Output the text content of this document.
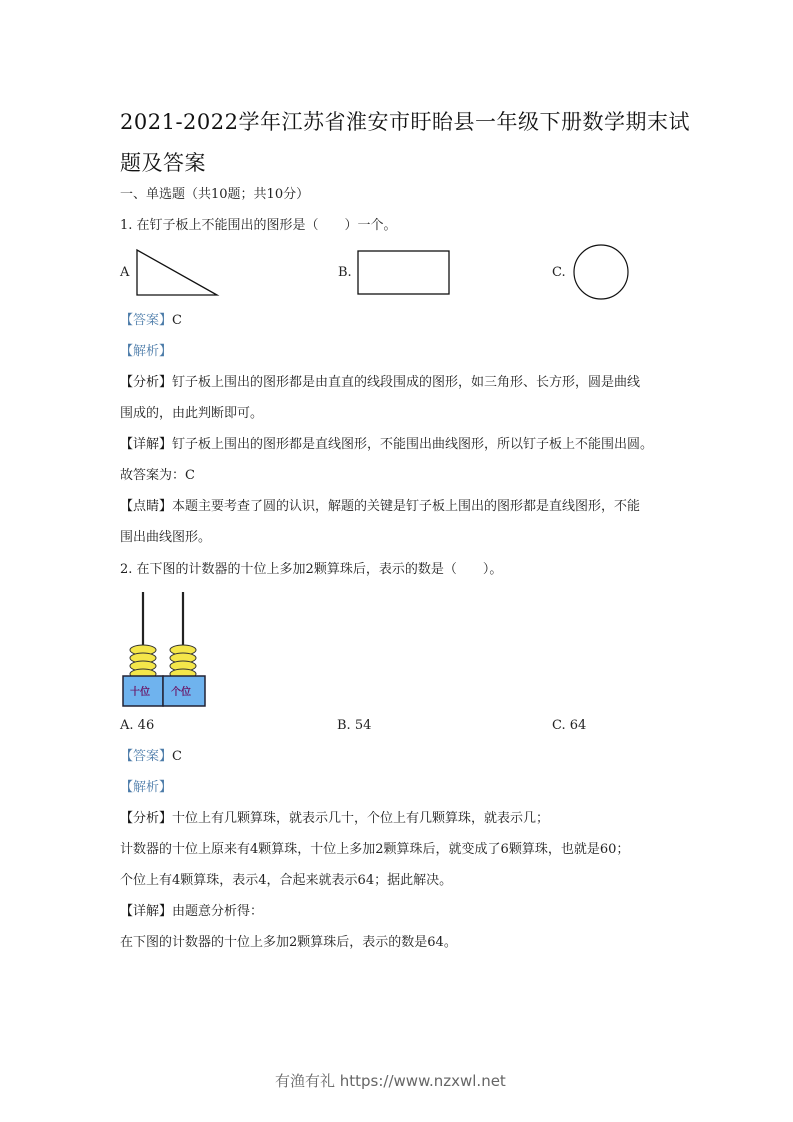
2021-2022学年江苏省淮安市盱眙县一年级下册数学期末试
题及答案
一、单选题（共10题；共10分）
1. 在钉子板上不能围出的图形是（　　）一个。
A	B.	C.
【答案】C
【解析】
【分析】钉子板上围出的图形都是由直直的线段围成的图形，如三角形、长方形，圆是曲线
围成的，由此判断即可。
【详解】钉子板上围出的图形都是直线图形，不能围出曲线图形，所以钉子板上不能围出圆。
故答案为：C
【点睛】本题主要考查了圆的认识，解题的关键是钉子板上围出的图形都是直线图形，不能
围出曲线图形。
2. 在下图的计数器的十位上多加2颗算珠后，表示的数是（　　）。
十位 个位
A. 46	B. 54	C. 64
【答案】C
【解析】
【分析】十位上有几颗算珠，就表示几十，个位上有几颗算珠，就表示几；
计数器的十位上原来有4颗算珠，十位上多加2颗算珠后，就变成了6颗算珠，也就是60；
个位上有4颗算珠，表示4，合起来就表示64；据此解决。
【详解】由题意分析得：
在下图的计数器的十位上多加2颗算珠后，表示的数是64。
有渔有礼 https://www.nzxwl.net
